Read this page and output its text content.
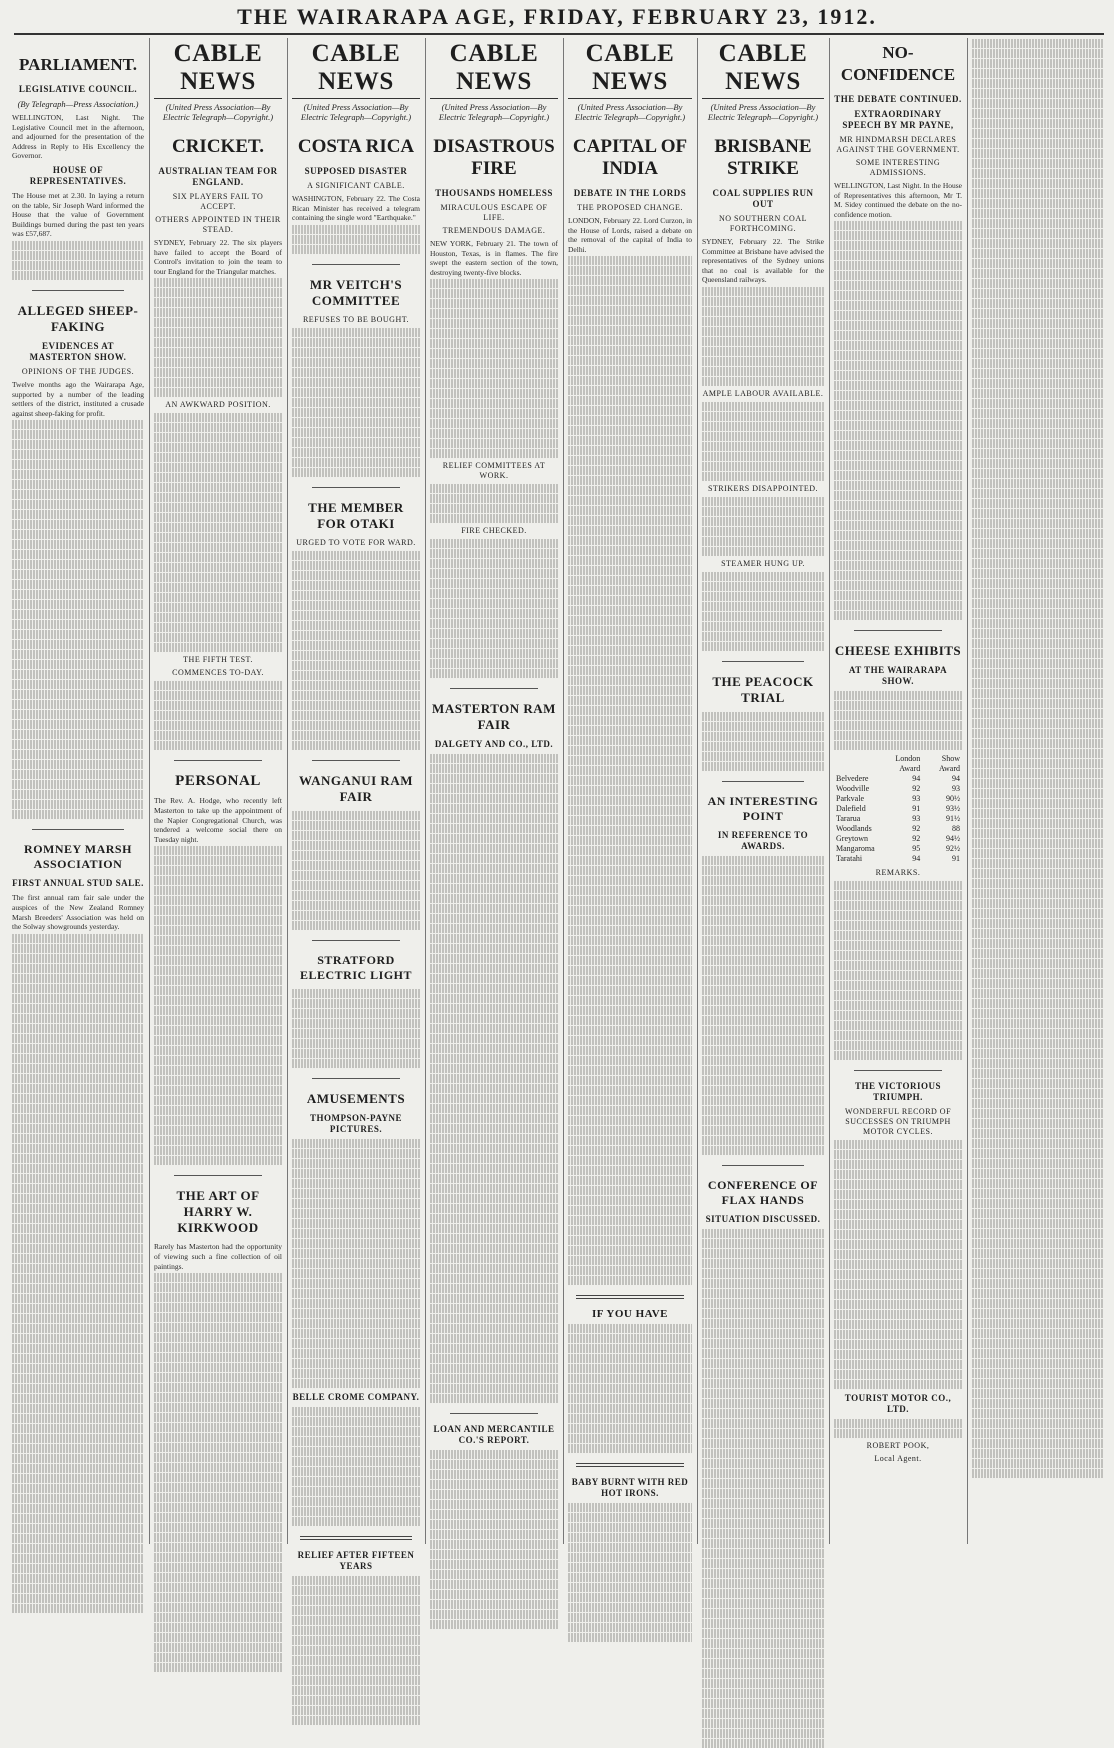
THE WAIRARAPA AGE, FRIDAY, FEBRUARY 23, 1912.
PARLIAMENT.
LEGISLATIVE COUNCIL.
(By Telegraph—Press Association.)
WELLINGTON, Last Night. The Legislative Council met in the afternoon, and adjourned for the presentation of the Address in Reply to His Excellency the Governor.
HOUSE OF REPRESENTATIVES.
The House met at 2.30. In laying a return on the table, Sir Joseph Ward informed the House that the value of Government Buildings burned during the past ten years was £57,687.
ALLEGED SHEEP-FAKING
EVIDENCES AT MASTERTON SHOW.
OPINIONS OF THE JUDGES.
Twelve months ago the Wairarapa Age, supported by a number of the leading settlers of the district, instituted a crusade against sheep-faking for profit.
ROMNEY MARSH ASSOCIATION
FIRST ANNUAL STUD SALE.
The first annual ram fair sale under the auspices of the New Zealand Romney Marsh Breeders' Association was held on the Solway showgrounds yesterday.
CABLE NEWS
(United Press Association—By Electric Telegraph—Copyright.)
CRICKET.
AUSTRALIAN TEAM FOR ENGLAND.
SIX PLAYERS FAIL TO ACCEPT.
OTHERS APPOINTED IN THEIR STEAD.
SYDNEY, February 22. The six players have failed to accept the Board of Control's invitation to join the team to tour England for the Triangular matches.
AN AWKWARD POSITION.
THE FIFTH TEST.
COMMENCES TO-DAY.
PERSONAL
The Rev. A. Hodge, who recently left Masterton to take up the appointment of the Napier Congregational Church, was tendered a welcome social there on Tuesday night.
THE ART OF HARRY W. KIRKWOOD
Rarely has Masterton had the opportunity of viewing such a fine collection of oil paintings.
CABLE NEWS
(United Press Association—By Electric Telegraph—Copyright.)
COSTA RICA
SUPPOSED DISASTER
A SIGNIFICANT CABLE.
WASHINGTON, February 22. The Costa Rican Minister has received a telegram containing the single word "Earthquake."
MR VEITCH'S COMMITTEE
REFUSES TO BE BOUGHT.
THE MEMBER FOR OTAKI
URGED TO VOTE FOR WARD.
WANGANUI RAM FAIR
STRATFORD ELECTRIC LIGHT
AMUSEMENTS
THOMPSON-PAYNE PICTURES.
BELLE CROME COMPANY.
RELIEF AFTER FIFTEEN YEARS
CABLE NEWS
(United Press Association—By Electric Telegraph—Copyright.)
DISASTROUS FIRE
THOUSANDS HOMELESS
MIRACULOUS ESCAPE OF LIFE.
TREMENDOUS DAMAGE.
NEW YORK, February 21. The town of Houston, Texas, is in flames. The fire swept the eastern section of the town, destroying twenty-five blocks.
RELIEF COMMITTEES AT WORK.
FIRE CHECKED.
MASTERTON RAM FAIR
DALGETY AND CO., LTD.
LOAN AND MERCANTILE CO.'S REPORT.
CABLE NEWS
(United Press Association—By Electric Telegraph—Copyright.)
CAPITAL OF INDIA
DEBATE IN THE LORDS
THE PROPOSED CHANGE.
LONDON, February 22. Lord Curzon, in the House of Lords, raised a debate on the removal of the capital of India to Delhi.
IF YOU HAVE
BABY BURNT WITH RED HOT IRONS.
CABLE NEWS
(United Press Association—By Electric Telegraph—Copyright.)
BRISBANE STRIKE
COAL SUPPLIES RUN OUT
NO SOUTHERN COAL FORTHCOMING.
SYDNEY, February 22. The Strike Committee at Brisbane have advised the representatives of the Sydney unions that no coal is available for the Queensland railways.
AMPLE LABOUR AVAILABLE.
STRIKERS DISAPPOINTED.
STEAMER HUNG UP.
THE PEACOCK TRIAL
AN INTERESTING POINT
IN REFERENCE TO AWARDS.
CONFERENCE OF FLAX HANDS
SITUATION DISCUSSED.
NO-CONFIDENCE
THE DEBATE CONTINUED.
EXTRAORDINARY SPEECH BY MR PAYNE,
MR HINDMARSH DECLARES AGAINST THE GOVERNMENT.
SOME INTERESTING ADMISSIONS.
WELLINGTON, Last Night. In the House of Representatives this afternoon, Mr T. M. Sidey continued the debate on the no-confidence motion.
CHEESE EXHIBITS
AT THE WAIRARAPA SHOW.
	London Award	Show Award
Belvedere	94	94
Woodville	92	93
Parkvale	93	90½
Dalefield	91	93½
Tararua	93	91½
Woodlands	92	88
Greytown	92	94½
Mangaroma	95	92½
Taratahi	94	91
REMARKS.
THE VICTORIOUS TRIUMPH.
WONDERFUL RECORD OF SUCCESSES ON TRIUMPH MOTOR CYCLES.
TOURIST MOTOR CO., LTD.
ROBERT POOK,
Local Agent.
